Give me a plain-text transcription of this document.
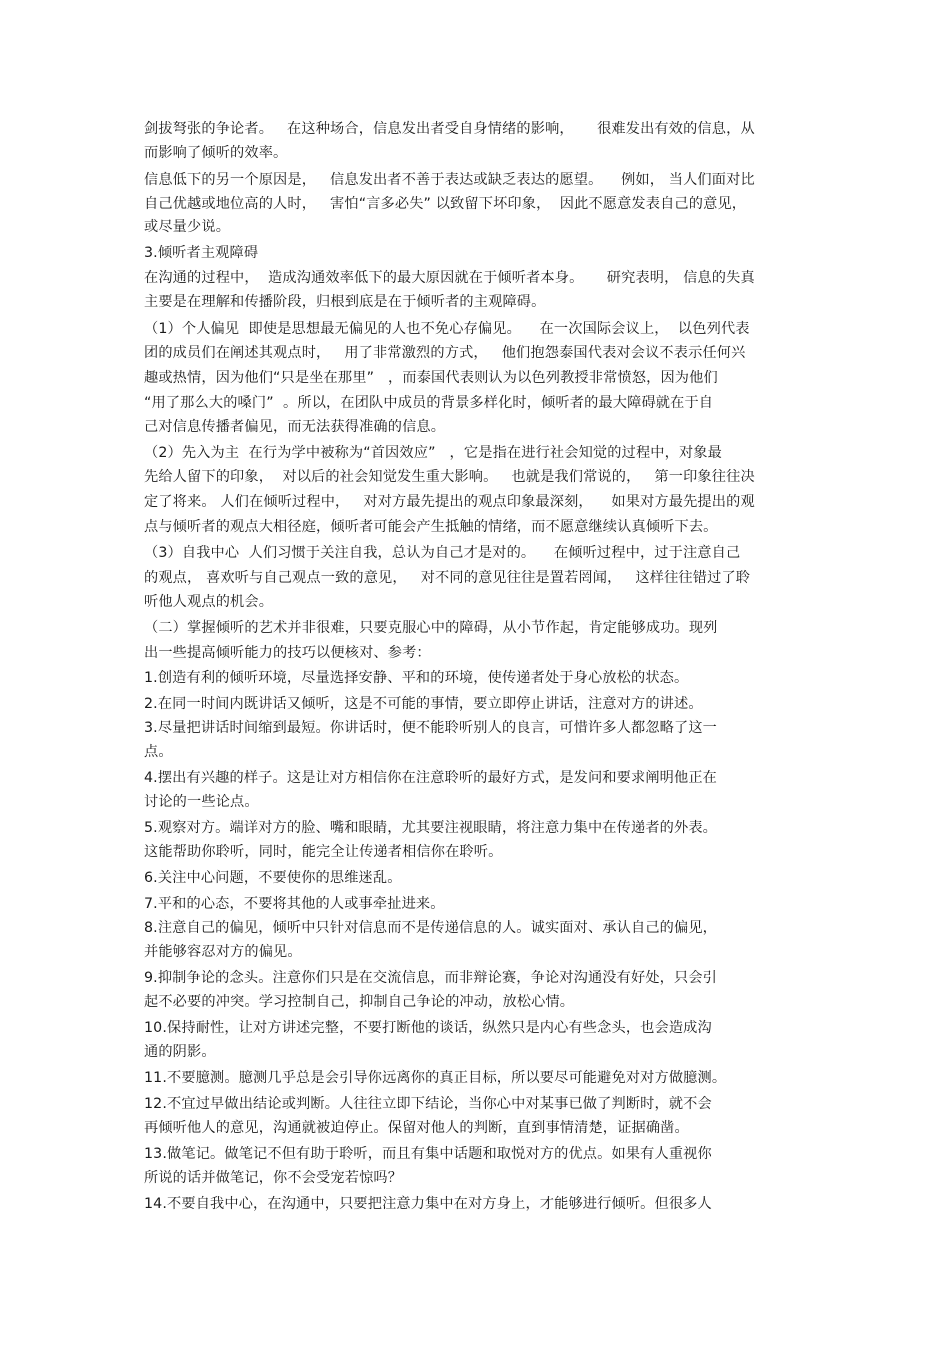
剑拔弩张的争论者。   在这种场合，信息发出者受自身情绪的影响，     很难发出有效的信息，从
而影响了倾听的效率。
信息低下的另一个原因是，   信息发出者不善于表达或缺乏表达的愿望。    例如， 当人们面对比
自己优越或地位高的人时，   害怕“言多必失” 以致留下坏印象，  因此不愿意发表自己的意见，
或尽量少说。
3.倾听者主观障碍
在沟通的过程中，  造成沟通效率低下的最大原因就在于倾听者本身。     研究表明， 信息的失真
主要是在理解和传播阶段，归根到底是在于倾听者的主观障碍。
（1）个人偏见  即使是思想最无偏见的人也不免心存偏见。    在一次国际会议上，  以色列代表
团的成员们在阐述其观点时，   用了非常激烈的方式，   他们抱怨泰国代表对会议不表示任何兴
趣或热情，因为他们“只是坐在那里”   ，而泰国代表则认为以色列教授非常愤怒，因为他们
“用了那么大的嗓门”  。所以，在团队中成员的背景多样化时，倾听者的最大障碍就在于自
己对信息传播者偏见，而无法获得准确的信息。
（2）先入为主  在行为学中被称为“首因效应”   ，它是指在进行社会知觉的过程中，对象最
先给人留下的印象，  对以后的社会知觉发生重大影响。   也就是我们常说的，   第一印象往往决
定了将来。 人们在倾听过程中，   对对方最先提出的观点印象最深刻，    如果对方最先提出的观
点与倾听者的观点大相径庭，倾听者可能会产生抵触的情绪，而不愿意继续认真倾听下去。
（3）自我中心  人们习惯于关注自我，总认为自己才是对的。    在倾听过程中，过于注意自己
的观点， 喜欢听与自己观点一致的意见，   对不同的意见往往是置若罔闻，   这样往往错过了聆
听他人观点的机会。
（二）掌握倾听的艺术并非很难，只要克服心中的障碍，从小节作起，肯定能够成功。现列
出一些提高倾听能力的技巧以便核对、参考：
1.创造有利的倾听环境，尽量选择安静、平和的环境，使传递者处于身心放松的状态。
2.在同一时间内既讲话又倾听，这是不可能的事情，要立即停止讲话，注意对方的讲述。
3.尽量把讲话时间缩到最短。你讲话时，便不能聆听别人的良言，可惜许多人都忽略了这一
点。
4.摆出有兴趣的样子。这是让对方相信你在注意聆听的最好方式，是发问和要求阐明他正在
讨论的一些论点。
5.观察对方。端详对方的脸、嘴和眼睛，尤其要注视眼睛，将注意力集中在传递者的外表。
这能帮助你聆听，同时，能完全让传递者相信你在聆听。
6.关注中心问题，不要使你的思维迷乱。
7.平和的心态，不要将其他的人或事牵扯进来。
8.注意自己的偏见，倾听中只针对信息而不是传递信息的人。诚实面对、承认自己的偏见，
并能够容忍对方的偏见。
9.抑制争论的念头。注意你们只是在交流信息，而非辩论赛，争论对沟通没有好处，只会引
起不必要的冲突。学习控制自己，抑制自己争论的冲动，放松心情。
10.保持耐性，让对方讲述完整，不要打断他的谈话，纵然只是内心有些念头，也会造成沟
通的阴影。
11.不要臆测。臆测几乎总是会引导你远离你的真正目标，所以要尽可能避免对对方做臆测。
12.不宜过早做出结论或判断。人往往立即下结论，当你心中对某事已做了判断时，就不会
再倾听他人的意见，沟通就被迫停止。保留对他人的判断，直到事情清楚，证据确凿。
13.做笔记。做笔记不但有助于聆听，而且有集中话题和取悦对方的优点。如果有人重视你
所说的话并做笔记，你不会受宠若惊吗？
14.不要自我中心，在沟通中，只要把注意力集中在对方身上，才能够进行倾听。但很多人
